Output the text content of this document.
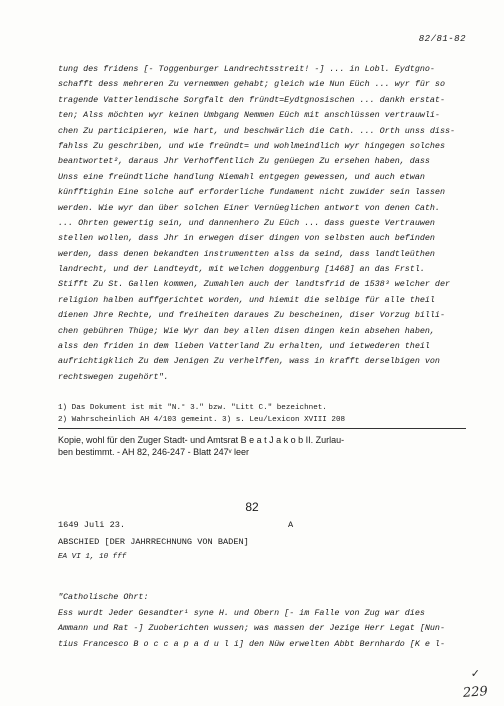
82/81-82
tung des fridens [- Toggenburger Landrechtsstreit! -] ... in Lobl. Eydtgno-
schafft dess mehreren Zu vernemmen gehabt; gleich wie Nun Eüch ... wyr für so
tragende Vatterlendische Sorgfalt den fründt=Eydtgnosischen ... dankh erstat-
ten; Alss möchten wyr keinen Umbgang Nemmen Eüch mit anschlüssen vertrauwli-
chen Zu participieren, wie hart, und beschwärlich die Cath. ... Orth unss diss-
fahlss Zu geschriben, und wie freündt= und wohlmeindlich wyr hingegen solches
beantwortet², daraus Jhr Verhoffentlich Zu genüegen Zu ersehen haben, dass
Unss eine freündtliche handlung Niemahl entgegen gewessen, und auch etwan
künfftighin Eine solche auf erforderliche fundament nicht zuwider sein lassen
werden. Wie wyr dan über solchen Einer Vernüeglichen antwort von denen Cath.
... Ohrten gewertig sein, und dannenhero Zu Eüch ... dass gueste Vertrauwen
stellen wollen, dass Jhr in erwegen diser dingen von selbsten auch befinden
werden, dass denen bekandten instrumentten alss da seind, dass landtleüthen
landrecht, und der Landteydt, mit welchen doggenburg [1468] an das Frstl.
Stifft Zu St. Gallen kommen, Zumahlen auch der landtsfrid de 1538³ welcher der
religion halben auffgerichtet worden, und hiemit die selbige für alle theil
dienen Jhre Rechte, und freiheiten daraues Zu bescheinen, diser Vorzug billi-
chen gebühren Thüge; Wie Wyr dan bey allen disen dingen kein absehen haben,
alss den friden in dem lieben Vatterland Zu erhalten, und ietwederen theil
aufrichtigklich Zu dem Jenigen Zu verhelffen, wass in krafft derselbigen von
rechtswegen zugehört".
1) Das Dokument ist mit "N.° 3." bzw. "Litt C." bezeichnet.
2) Wahrscheinlich AH 4/103 gemeint. 3) s. Leu/Lexicon XVIII 208
Kopie, wohl für den Zuger Stadt- und Amtsrat B e a t J a k o b II. Zurlau-
ben bestimmt. - AH 82, 246-247 - Blatt 247ᵛ leer
82
1649 Juli 23.	A
ABSCHIED [DER JAHRRECHNUNG VON BADEN]
EA VI 1, 10 fff
"Catholische Ohrt:
Ess wurdt Jeder Gesandter¹ syne H. und Obern [- im Falle von Zug war dies
Ammann und Rat -] Zuoberichten wussen; was massen der Jezige Herr Legat [Nun-
tius Francesco B o c c a p a d u l i] den Nüw erwelten Abbt Bernhardo [K e l-
✓
229
